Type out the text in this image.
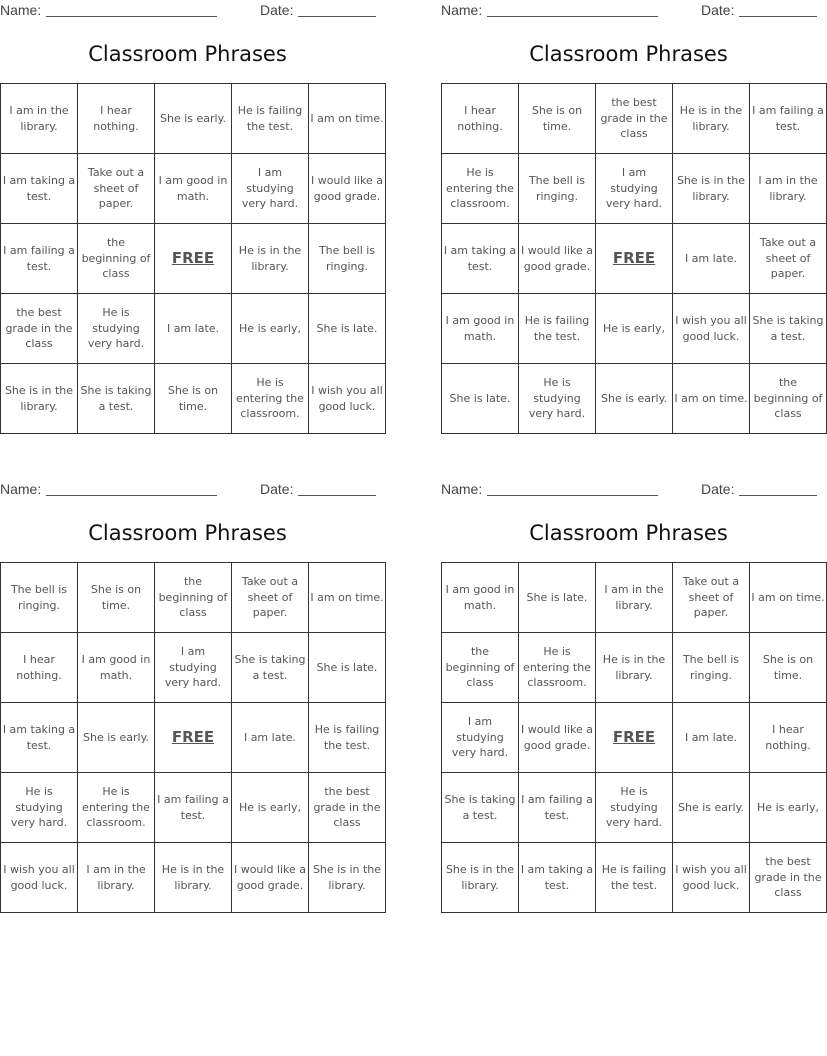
Name:	Date:
Classroom Phrases
I am in the library.	I hear nothing.	She is early.	He is failing the test.	I am on time.
I am taking a test.	Take out a sheet of paper.	I am good in math.	I am studying very hard.	I would like a good grade.
I am failing a test.	the beginning of class	FREE	He is in the library.	The bell is ringing.
the best grade in the class	He is studying very hard.	I am late.	He is early,	She is late.
She is in the library.	She is taking a test.	She is on time.	He is entering the classroom.	I wish you all good luck.
Name:	Date:
Classroom Phrases
I hear nothing.	She is on time.	the best grade in the class	He is in the library.	I am failing a test.
He is entering the classroom.	The bell is ringing.	I am studying very hard.	She is in the library.	I am in the library.
I am taking a test.	I would like a good grade.	FREE	I am late.	Take out a sheet of paper.
I am good in math.	He is failing the test.	He is early,	I wish you all good luck.	She is taking a test.
She is late.	He is studying very hard.	She is early.	I am on time.	the beginning of class
Name:	Date:
Classroom Phrases
The bell is ringing.	She is on time.	the beginning of class	Take out a sheet of paper.	I am on time.
I hear nothing.	I am good in math.	I am studying very hard.	She is taking a test.	She is late.
I am taking a test.	She is early.	FREE	I am late.	He is failing the test.
He is studying very hard.	He is entering the classroom.	I am failing a test.	He is early,	the best grade in the class
I wish you all good luck.	I am in the library.	He is in the library.	I would like a good grade.	She is in the library.
Name:	Date:
Classroom Phrases
I am good in math.	She is late.	I am in the library.	Take out a sheet of paper.	I am on time.
the beginning of class	He is entering the classroom.	He is in the library.	The bell is ringing.	She is on time.
I am studying very hard.	I would like a good grade.	FREE	I am late.	I hear nothing.
She is taking a test.	I am failing a test.	He is studying very hard.	She is early.	He is early,
She is in the library.	I am taking a test.	He is failing the test.	I wish you all good luck.	the best grade in the class
